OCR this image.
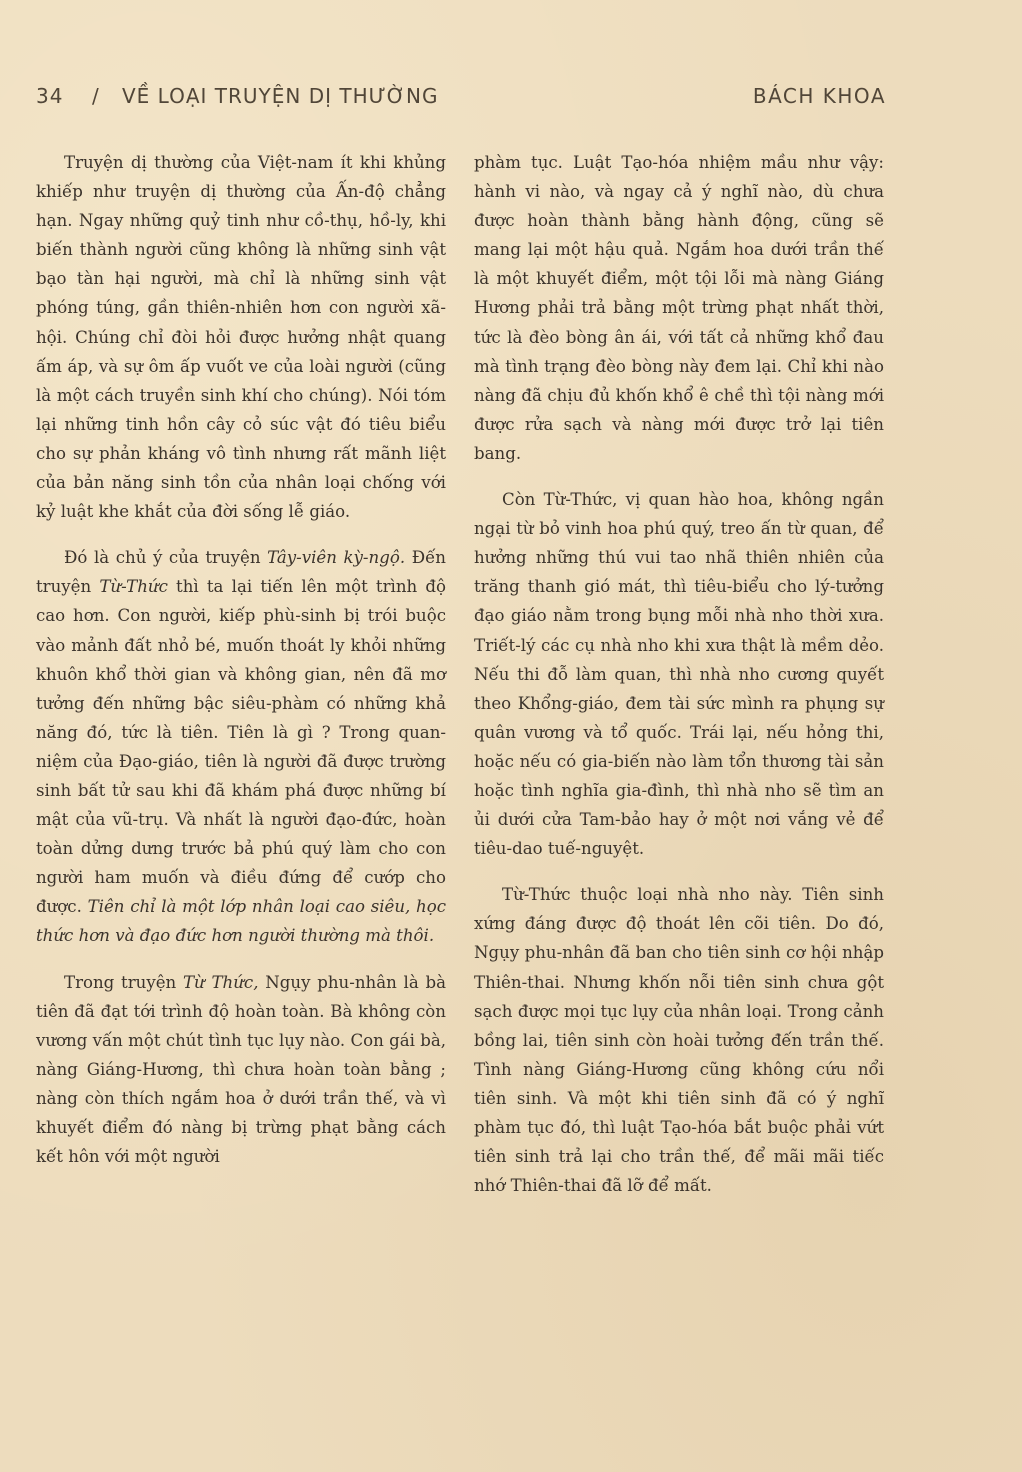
34	/	VỀ LOẠI TRUYỆN DỊ THƯỜNG	BÁCH KHOA

Truyện dị thường của Việt-nam ít khi khủng khiếp như truyện dị thường của Ấn-độ chẳng hạn. Ngay những quỷ tinh như cồ-thụ, hồ-ly, khi biến thành người cũng không là những sinh vật bạo tàn hại người, mà chỉ là những sinh vật phóng túng, gần thiên-nhiên hơn con người xã-hội. Chúng chỉ đòi hỏi được hưởng nhật quang ấm áp, và sự ôm ấp vuốt ve của loài người (cũng là một cách truyền sinh khí cho chúng). Nói tóm lại những tinh hồn cây cỏ súc vật đó tiêu biểu cho sự phản kháng vô tình nhưng rất mãnh liệt của bản năng sinh tồn của nhân loại chống với kỷ luật khe khắt của đời sống lễ giáo.

Đó là chủ ý của truyện Tây-viên kỳ-ngộ. Đến truyện Từ-Thức thì ta lại tiến lên một trình độ cao hơn. Con người, kiếp phù-sinh bị trói buộc vào mảnh đất nhỏ bé, muốn thoát ly khỏi những khuôn khổ thời gian và không gian, nên đã mơ tưởng đến những bậc siêu-phàm có những khả năng đó, tức là tiên. Tiên là gì ? Trong quan-niệm của Đạo-giáo, tiên là người đã được trường sinh bất tử sau khi đã khám phá được những bí mật của vũ-trụ. Và nhất là người đạo-đức, hoàn toàn dửng dưng trước bả phú quý làm cho con người ham muốn và điều đứng để cướp cho được. Tiên chỉ là một lớp nhân loại cao siêu, học thức hơn và đạo đức hơn người thường mà thôi.

Trong truyện Từ Thức, Ngụy phu-nhân là bà tiên đã đạt tới trình độ hoàn toàn. Bà không còn vương vấn một chút tình tục lụy nào. Con gái bà, nàng Giáng-Hương, thì chưa hoàn toàn bằng ; nàng còn thích ngắm hoa ở dưới trần thế, và vì khuyết điểm đó nàng bị trừng phạt bằng cách kết hôn với một người

phàm tục. Luật Tạo-hóa nhiệm mầu như vậy: hành vi nào, và ngay cả ý nghĩ nào, dù chưa được hoàn thành bằng hành động, cũng sẽ mang lại một hậu quả. Ngắm hoa dưới trần thế là một khuyết điểm, một tội lỗi mà nàng Giáng Hương phải trả bằng một trừng phạt nhất thời, tức là đèo bòng ân ái, với tất cả những khổ đau mà tình trạng đèo bòng này đem lại. Chỉ khi nào nàng đã chịu đủ khốn khổ ê chề thì tội nàng mới được rửa sạch và nàng mới được trở lại tiên bang.

Còn Từ-Thức, vị quan hào hoa, không ngần ngại từ bỏ vinh hoa phú quý, treo ấn từ quan, để hưởng những thú vui tao nhã thiên nhiên của trăng thanh gió mát, thì tiêu-biểu cho lý-tưởng đạo giáo nằm trong bụng mỗi nhà nho thời xưa. Triết-lý các cụ nhà nho khi xưa thật là mềm dẻo. Nếu thi đỗ làm quan, thì nhà nho cương quyết theo Khổng-giáo, đem tài sức mình ra phụng sự quân vương và tổ quốc. Trái lại, nếu hỏng thi, hoặc nếu có gia-biến nào làm tổn thương tài sản hoặc tình nghĩa gia-đình, thì nhà nho sẽ tìm an ủi dưới cửa Tam-bảo hay ở một nơi vắng vẻ để tiêu-dao tuế-nguyệt.

Từ-Thức thuộc loại nhà nho này. Tiên sinh xứng đáng được độ thoát lên cõi tiên. Do đó, Ngụy phu-nhân đã ban cho tiên sinh cơ hội nhập Thiên-thai. Nhưng khốn nỗi tiên sinh chưa gột sạch được mọi tục lụy của nhân loại. Trong cảnh bồng lai, tiên sinh còn hoài tưởng đến trần thế. Tình nàng Giáng-Hương cũng không cứu nổi tiên sinh. Và một khi tiên sinh đã có ý nghĩ phàm tục đó, thì luật Tạo-hóa bắt buộc phải vứt tiên sinh trả lại cho trần thế, để mãi mãi tiếc nhớ Thiên-thai đã lỡ để mất.
